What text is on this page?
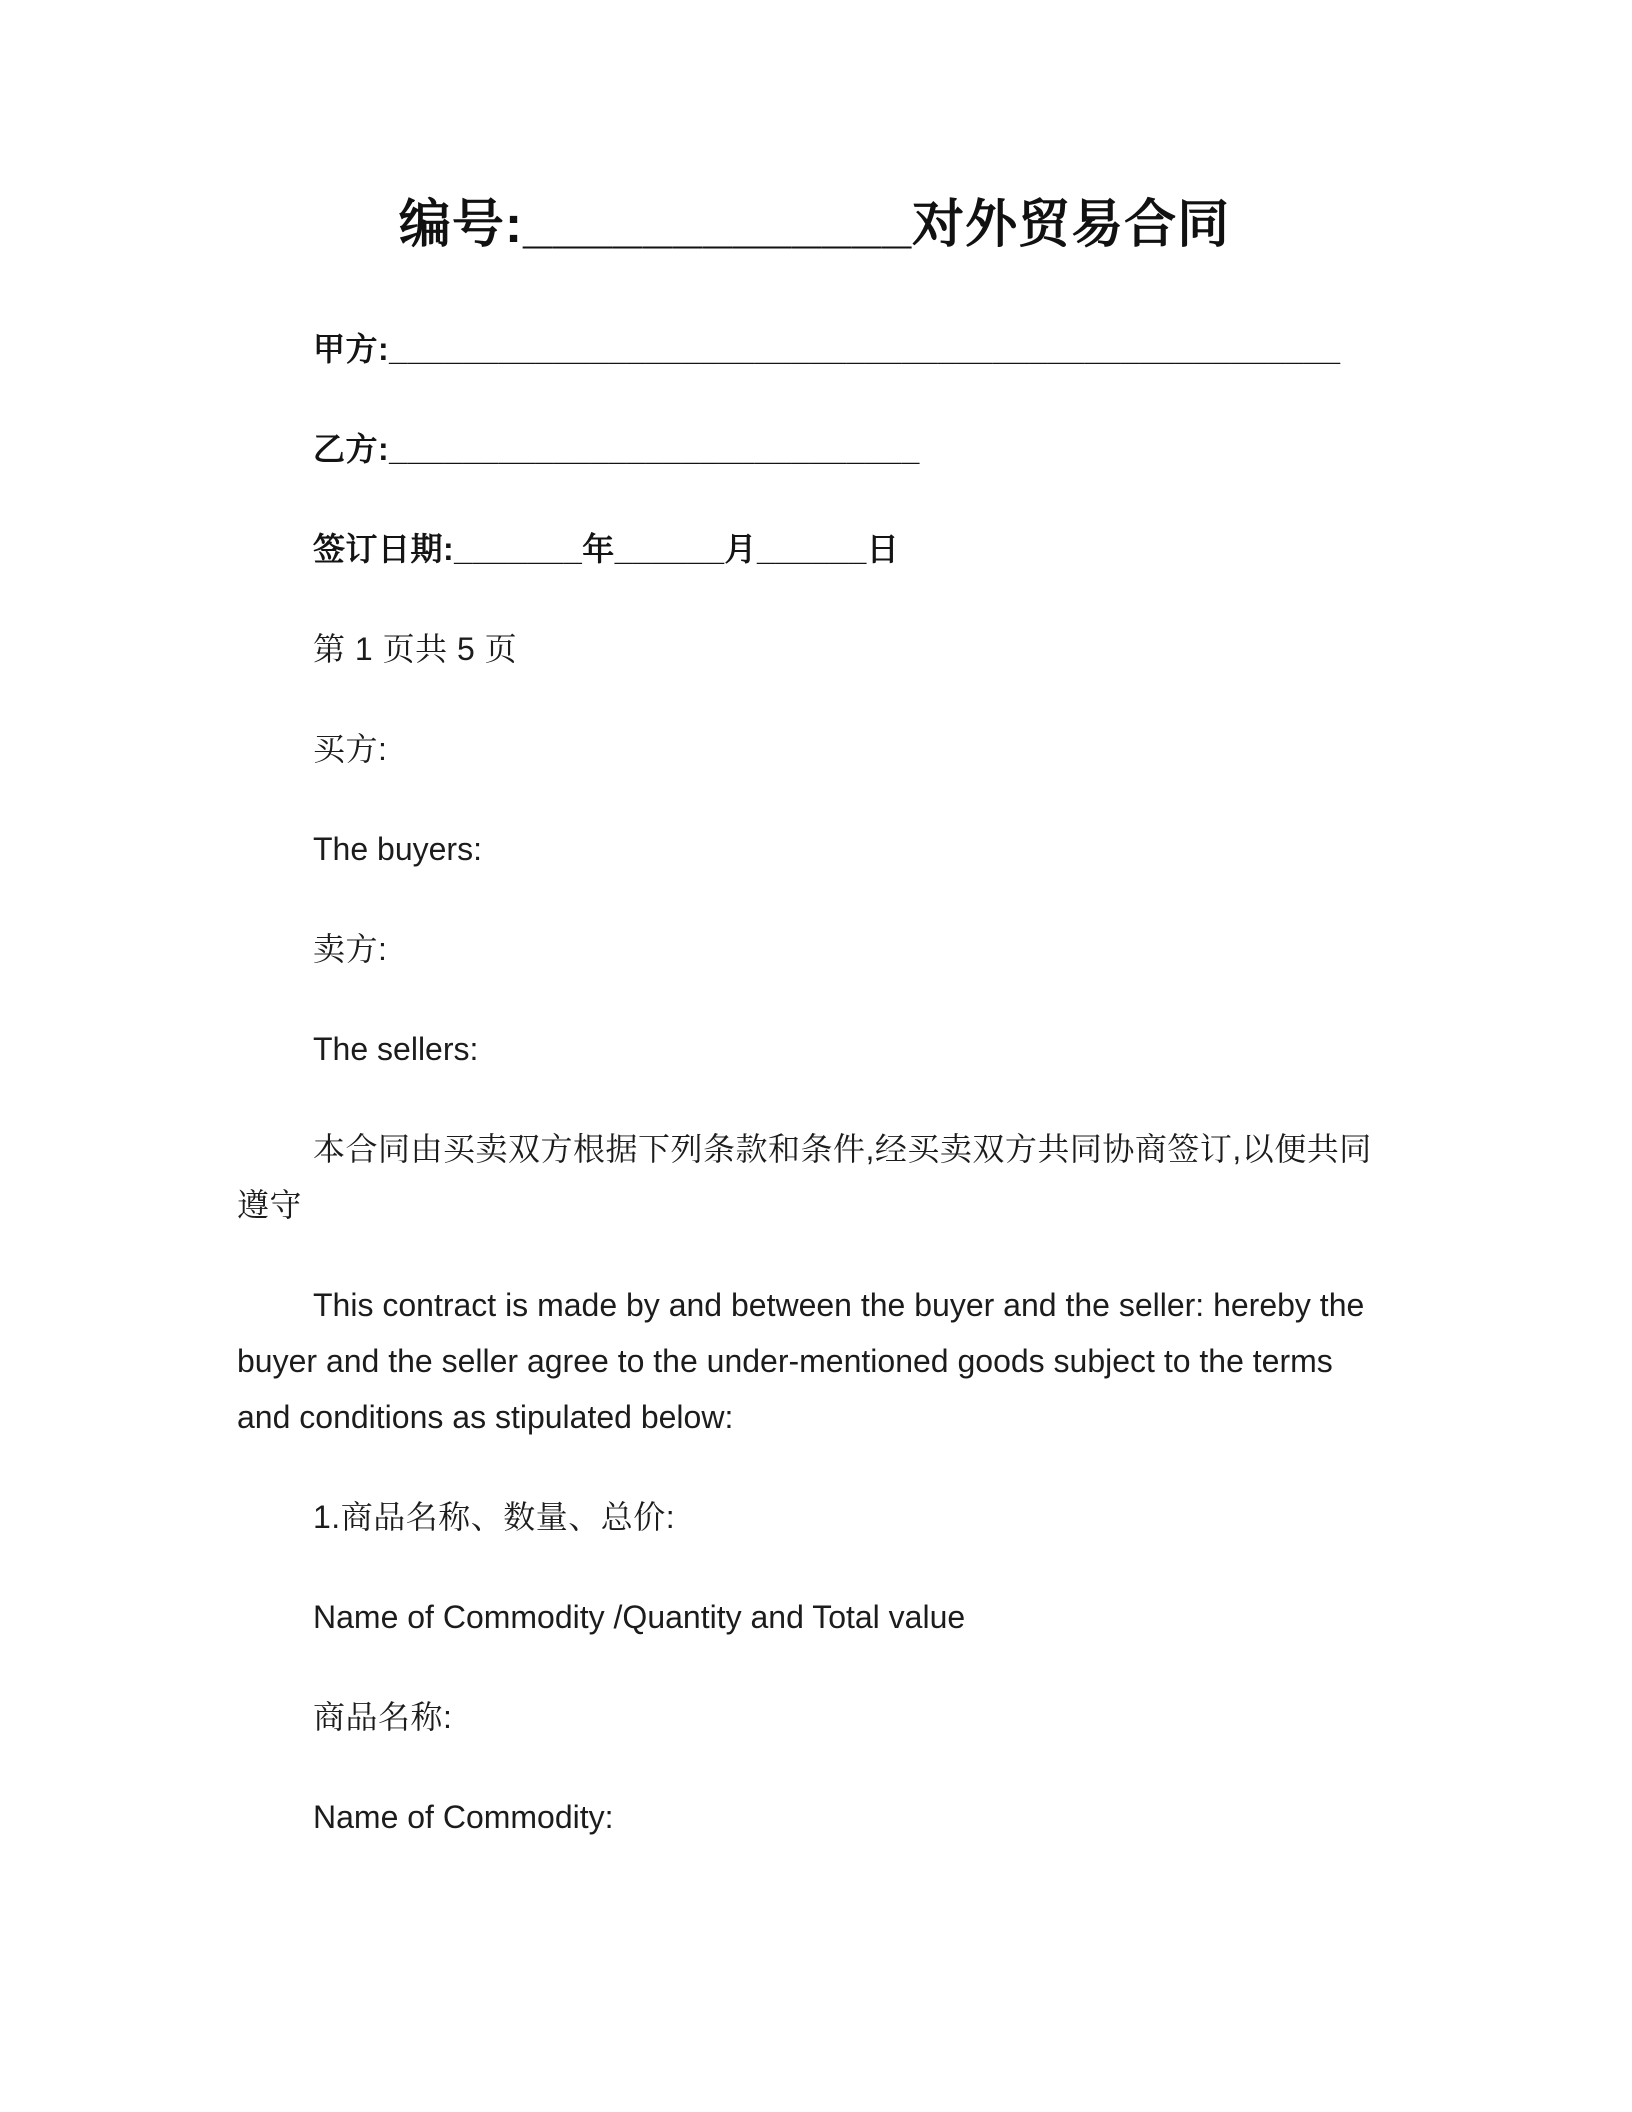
编号:_____________对外贸易合同

甲方:____________________________________________________

乙方:_____________________________

签订日期:_______年______月______日

第 1 页共 5 页

买方:

The buyers:

卖方:

The sellers:

本合同由买卖双方根据下列条款和条件,经买卖双方共同协商签订,以便共同遵守

This contract is made by and between the buyer and the seller: hereby the buyer and the seller agree to the under-mentioned goods subject to the terms and conditions as stipulated below:

1.商品名称、数量、总价:

Name of Commodity /Quantity and Total value

商品名称:

Name of Commodity:
